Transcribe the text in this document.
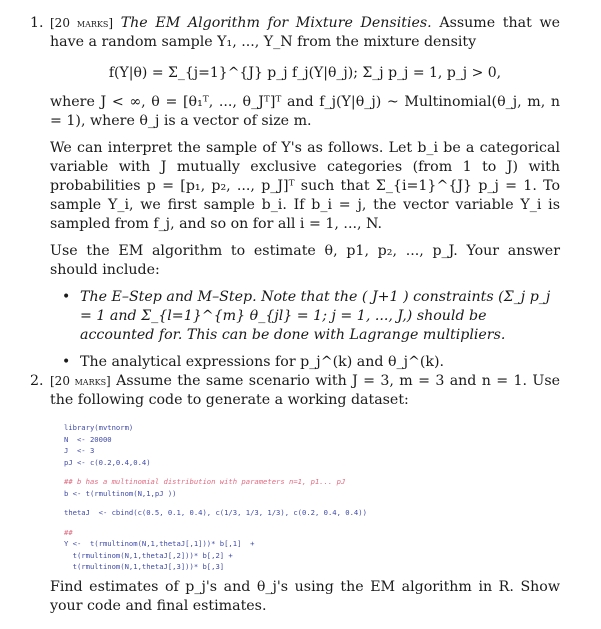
1. [20 marks] The EM Algorithm for Mixture Densities. Assume that we have a random sample Y₁, ..., Y_N from the mixture density

f(Y|θ) = Σ_{j=1}^{J} p_j f_j(Y|θ_j); Σ_j p_j = 1, p_j > 0,

where J < ∞, θ = [θ₁ᵀ, ..., θ_Jᵀ]ᵀ and f_j(Y|θ_j) ~ Multinomial(θ_j, m, n = 1), where θ_j is a vector of size m.

We can interpret the sample of Y's as follows. Let b_i be a categorical variable with J mutually exclusive categories (from 1 to J) with probabilities p = [p₁, p₂, ..., p_J]ᵀ such that Σ_{i=1}^{J} p_j = 1. To sample Y_i, we first sample b_i. If b_i = j, the vector variable Y_i is sampled from f_j, and so on for all i = 1, ..., N.

Use the EM algorithm to estimate θ, p1, p₂, ..., p_J. Your answer should include:

• The E–Step and M–Step. Note that the ( J+1 ) constraints (Σ_j p_j = 1 and Σ_{l=1}^{m} θ_{jl} = 1; j = 1, ..., J,) should be accounted for. This can be done with Lagrange multipliers.
• The analytical expressions for p_j^(k) and θ_j^(k).
2. [20 marks] Assume the same scenario with J = 3, m = 3 and n = 1. Use the following code to generate a working dataset:

library(mvtnorm)
N  <- 20000
J  <- 3
pJ <- c(0.2,0.4,0.4)
## b has a multinomial distribution with parameters n=1, p1... pJ
b <- t(rmultinom(N,1,pJ ))
thetaJ  <- cbind(c(0.5, 0.1, 0.4), c(1/3, 1/3, 1/3), c(0.2, 0.4, 0.4))
##
Y <-  t(rmultinom(N,1,thetaJ[,1]))* b[,1]  +
t(rmultinom(N,1,thetaJ[,2]))* b[,2] +
t(rmultinom(N,1,thetaJ[,3]))* b[,3]

Find estimates of p_j's and θ_j's using the EM algorithm in R. Show your code and final estimates.
